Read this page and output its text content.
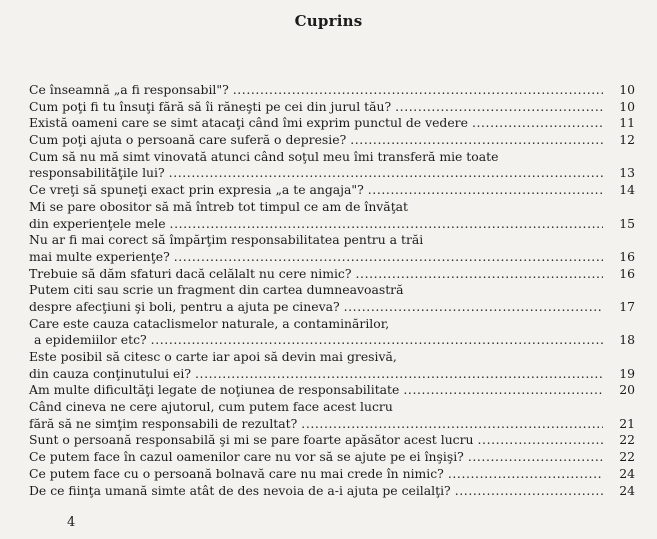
Cuprins
Ce înseamnă „a fi responsabil"? .....	10
Cum poţi fi tu însuţi fără să îi răneşti pe cei din jurul tău? .....	10
Există oameni care se simt atacaţi când îmi exprim punctul de vedere .....	11
Cum poţi ajuta o persoană care suferă o depresie? .....	12
Cum să nu mă simt vinovată atunci când soţul meu îmi transferă mie toate
responsabilităţile lui? .....	13
Ce vreţi să spuneţi exact prin expresia „a te angaja"? .....	14
Mi se pare obositor să mă întreb tot timpul ce am de învăţat
din experienţele mele .....	15
Nu ar fi mai corect să împărţim responsabilitatea pentru a trăi
mai multe experienţe? .....	16
Trebuie să dăm sfaturi dacă celălalt nu cere nimic? .....	16
Putem citi sau scrie un fragment din cartea dumneavoastră
despre afecţiuni şi boli, pentru a ajuta pe cineva? .....	17
Care este cauza cataclismelor naturale, a contaminărilor,
a epidemiilor etc? .....	18
Este posibil să citesc o carte iar apoi să devin mai gresivă,
din cauza conţinutului ei? .....	19
Am multe dificultăţi legate de noţiunea de responsabilitate .....	20
Când cineva ne cere ajutorul, cum putem face acest lucru
fără să ne simţim responsabili de rezultat? .....	21
Sunt o persoană responsabilă şi mi se pare foarte apăsător acest lucru .....	22
Ce putem face în cazul oamenilor care nu vor să se ajute pe ei înşişi? .....	22
Ce putem face cu o persoană bolnavă care nu mai crede în nimic? .....	24
De ce fiinţa umană simte atât de des nevoia de a-i ajuta pe ceilalţi? .....	24
4
